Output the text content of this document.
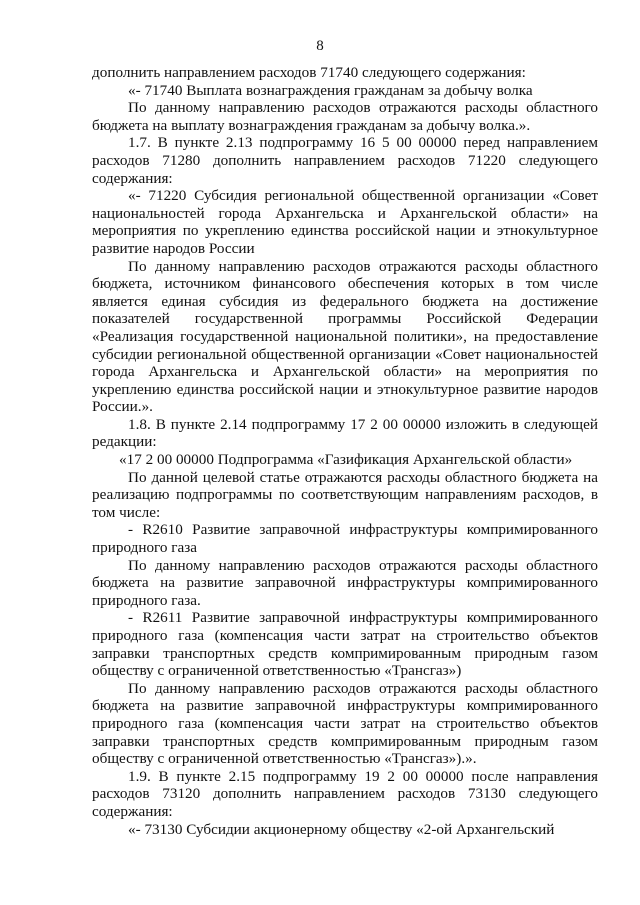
8

дополнить направлением расходов 71740 следующего содержания:

«- 71740 Выплата вознаграждения гражданам за добычу волка

По данному направлению расходов отражаются расходы областного бюджета на выплату вознаграждения гражданам за добычу волка.».

1.7. В пункте 2.13 подпрограмму 16 5 00 00000 перед направлением расходов 71280 дополнить направлением расходов 71220 следующего содержания:

«- 71220 Субсидия региональной общественной организации «Совет национальностей города Архангельска и Архангельской области» на мероприятия по укреплению единства российской нации и этнокультурное развитие народов России

По данному направлению расходов отражаются расходы областного бюджета, источником финансового обеспечения которых в том числе является единая субсидия из федерального бюджета на достижение показателей государственной программы Российской Федерации «Реализация государственной национальной политики», на предоставление субсидии региональной общественной организации «Совет национальностей города Архангельска и Архангельской области» на мероприятия по укреплению единства российской нации и этнокультурное развитие народов России.».

1.8. В пункте 2.14 подпрограмму 17 2 00 00000 изложить в следующей редакции:

«17 2 00 00000 Подпрограмма «Газификация Архангельской области»

По данной целевой статье отражаются расходы областного бюджета на реализацию подпрограммы по соответствующим направлениям расходов, в том числе:

- R2610 Развитие заправочной инфраструктуры компримированного природного газа

По данному направлению расходов отражаются расходы областного бюджета на развитие заправочной инфраструктуры компримированного природного газа.

- R2611 Развитие заправочной инфраструктуры компримированного природного газа (компенсация части затрат на строительство объектов заправки транспортных средств компримированным природным газом обществу с ограниченной ответственностью «Трансгаз»)

По данному направлению расходов отражаются расходы областного бюджета на развитие заправочной инфраструктуры компримированного природного газа (компенсация части затрат на строительство объектов заправки транспортных средств компримированным природным газом обществу с ограниченной ответственностью «Трансгаз»).».

1.9. В пункте 2.15 подпрограмму 19 2 00 00000 после направления расходов 73120 дополнить направлением расходов 73130 следующего содержания:

«- 73130 Субсидии акционерному обществу «2-ой Архангельский
